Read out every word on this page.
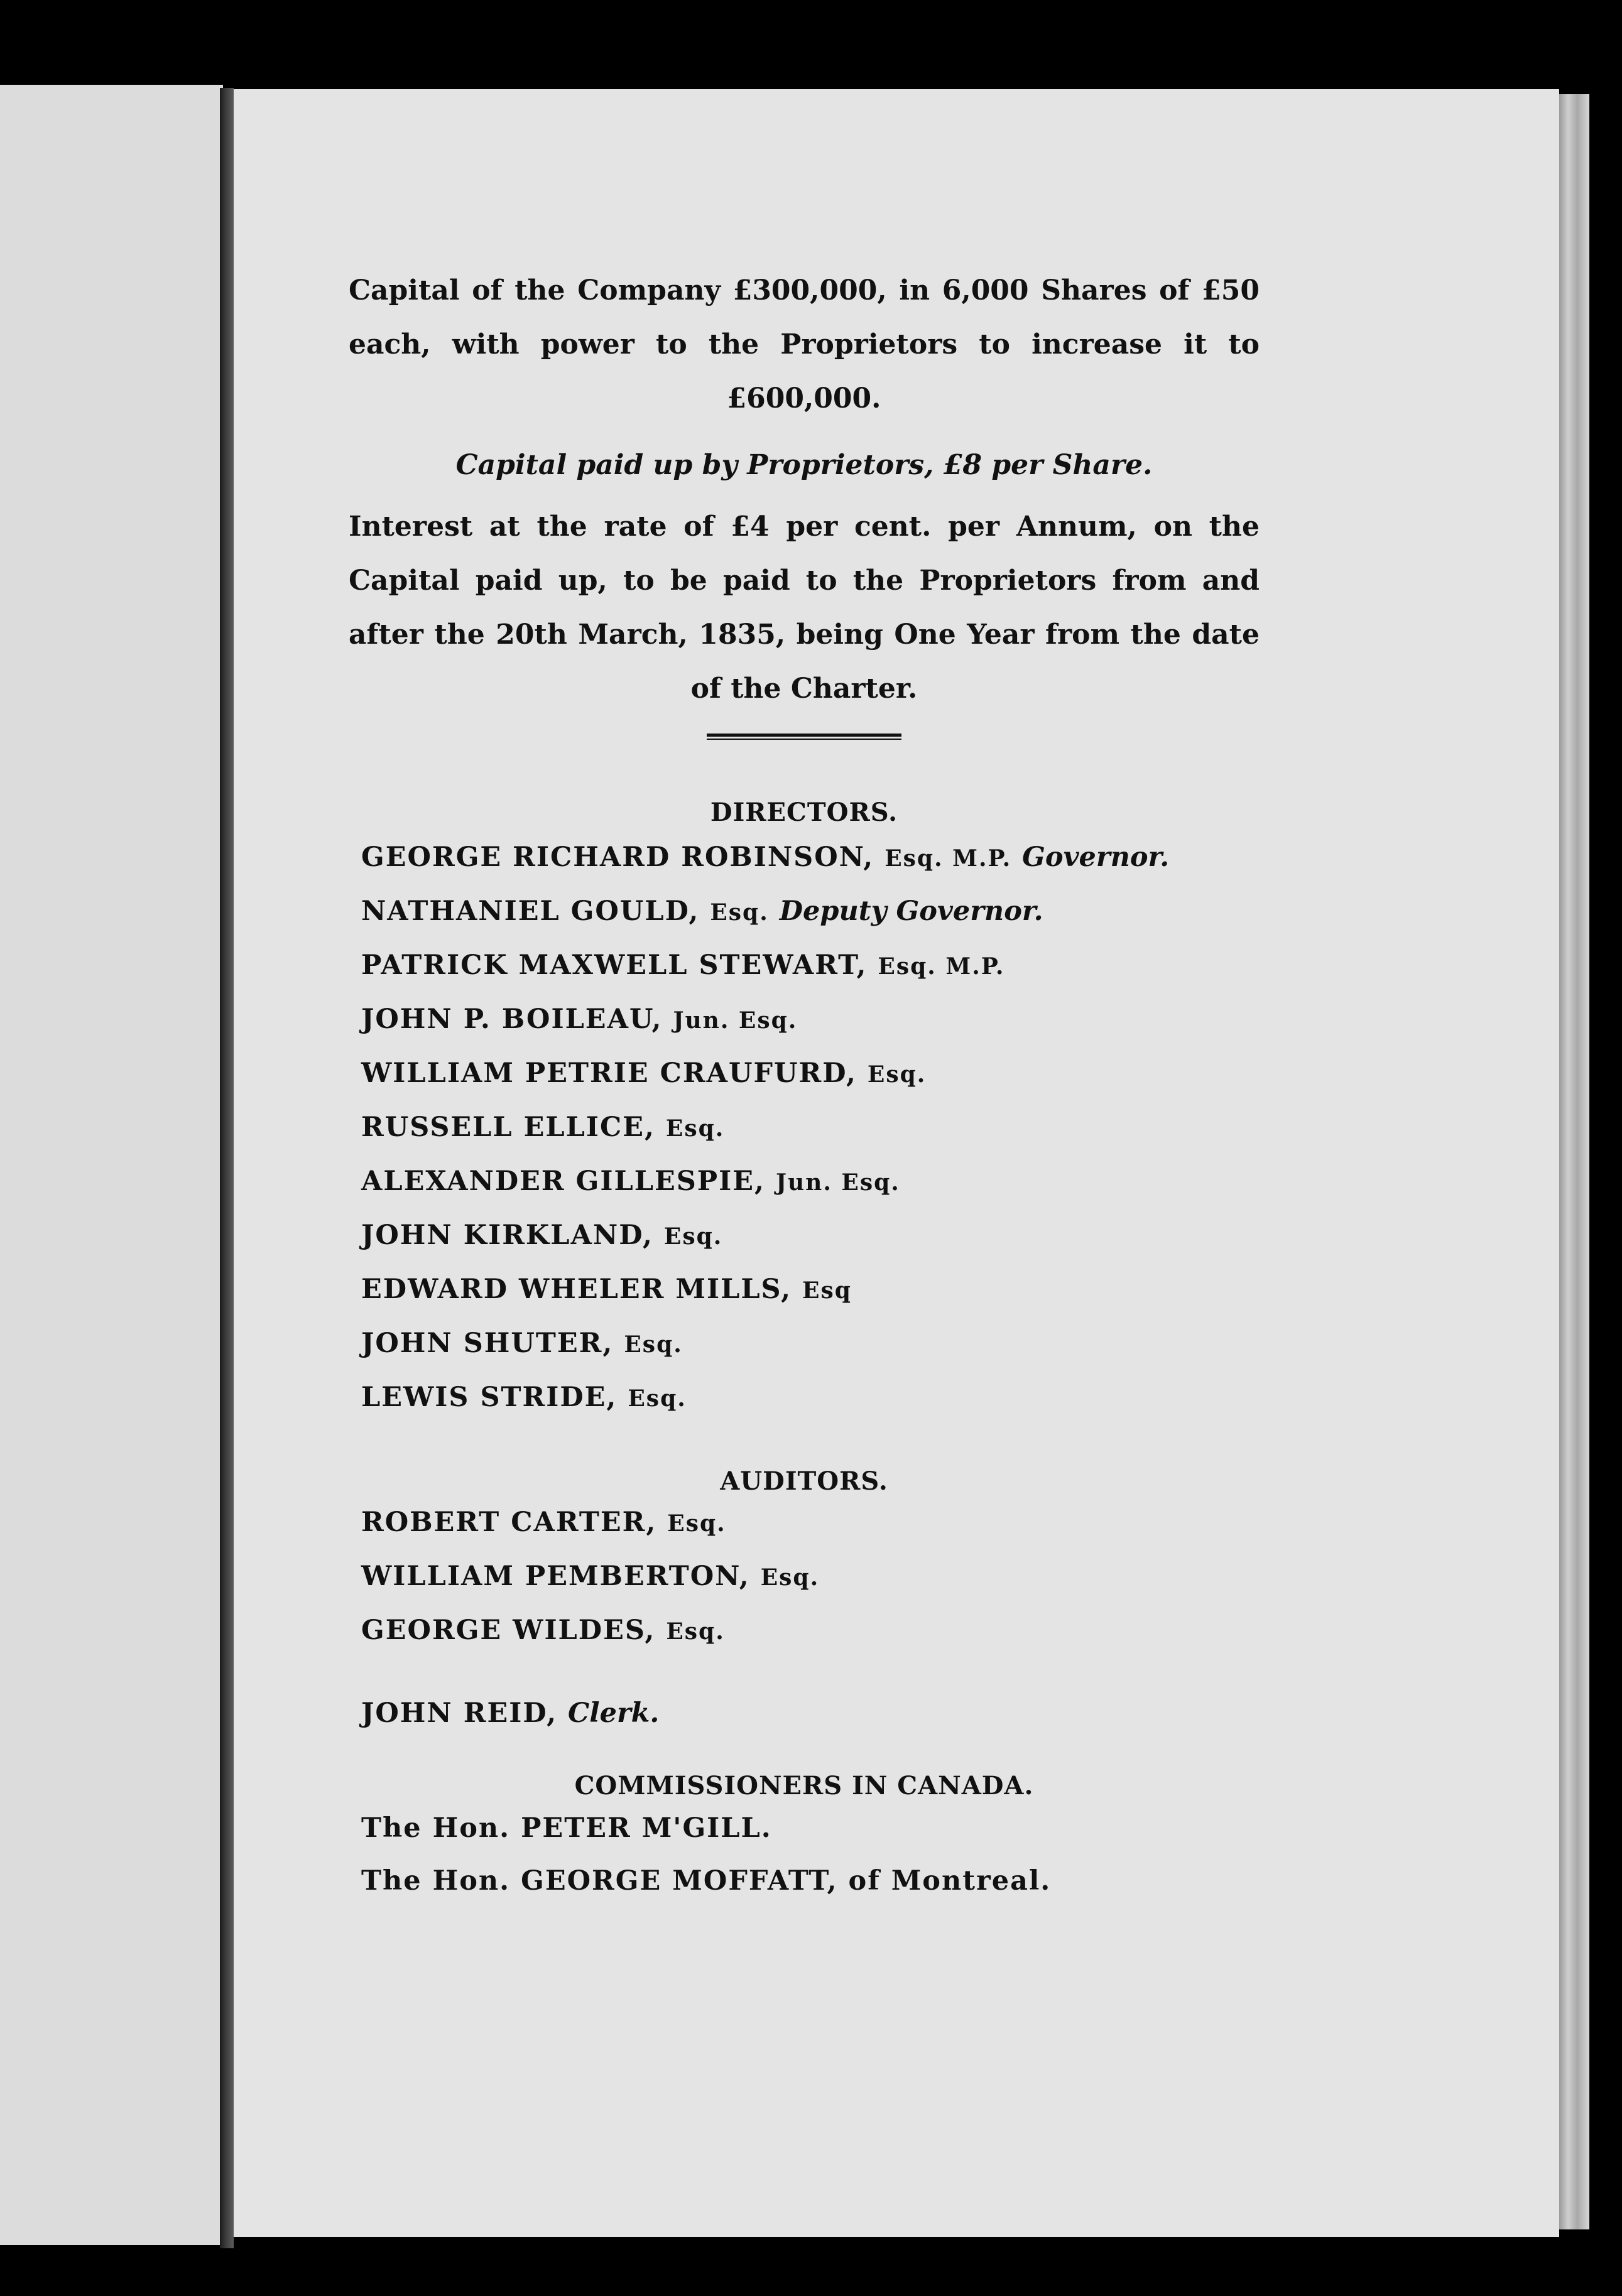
Capital of the Company £300,000, in 6,000 Shares of £50 each, with power to the Proprietors to increase it to £600,000.

Capital paid up by Proprietors, £8 per Share.

Interest at the rate of £4 per cent. per Annum, on the Capital paid up, to be paid to the Proprietors from and after the 20th March, 1835, being One Year from the date of the Charter.

DIRECTORS.

GEORGE RICHARD ROBINSON, Esq. M.P. Governor.
NATHANIEL GOULD, Esq. Deputy Governor.
PATRICK MAXWELL STEWART, Esq. M.P.
JOHN P. BOILEAU, Jun. Esq.
WILLIAM PETRIE CRAUFURD, Esq.
RUSSELL ELLICE, Esq.
ALEXANDER GILLESPIE, Jun. Esq.
JOHN KIRKLAND, Esq.
EDWARD WHELER MILLS, Esq
JOHN SHUTER, Esq.
LEWIS STRIDE, Esq.

AUDITORS.

ROBERT CARTER, Esq.
WILLIAM PEMBERTON, Esq.
GEORGE WILDES, Esq.
JOHN REID, Clerk.

COMMISSIONERS IN CANADA.

The Hon. PETER M'GILL.
The Hon. GEORGE MOFFATT, of Montreal.
